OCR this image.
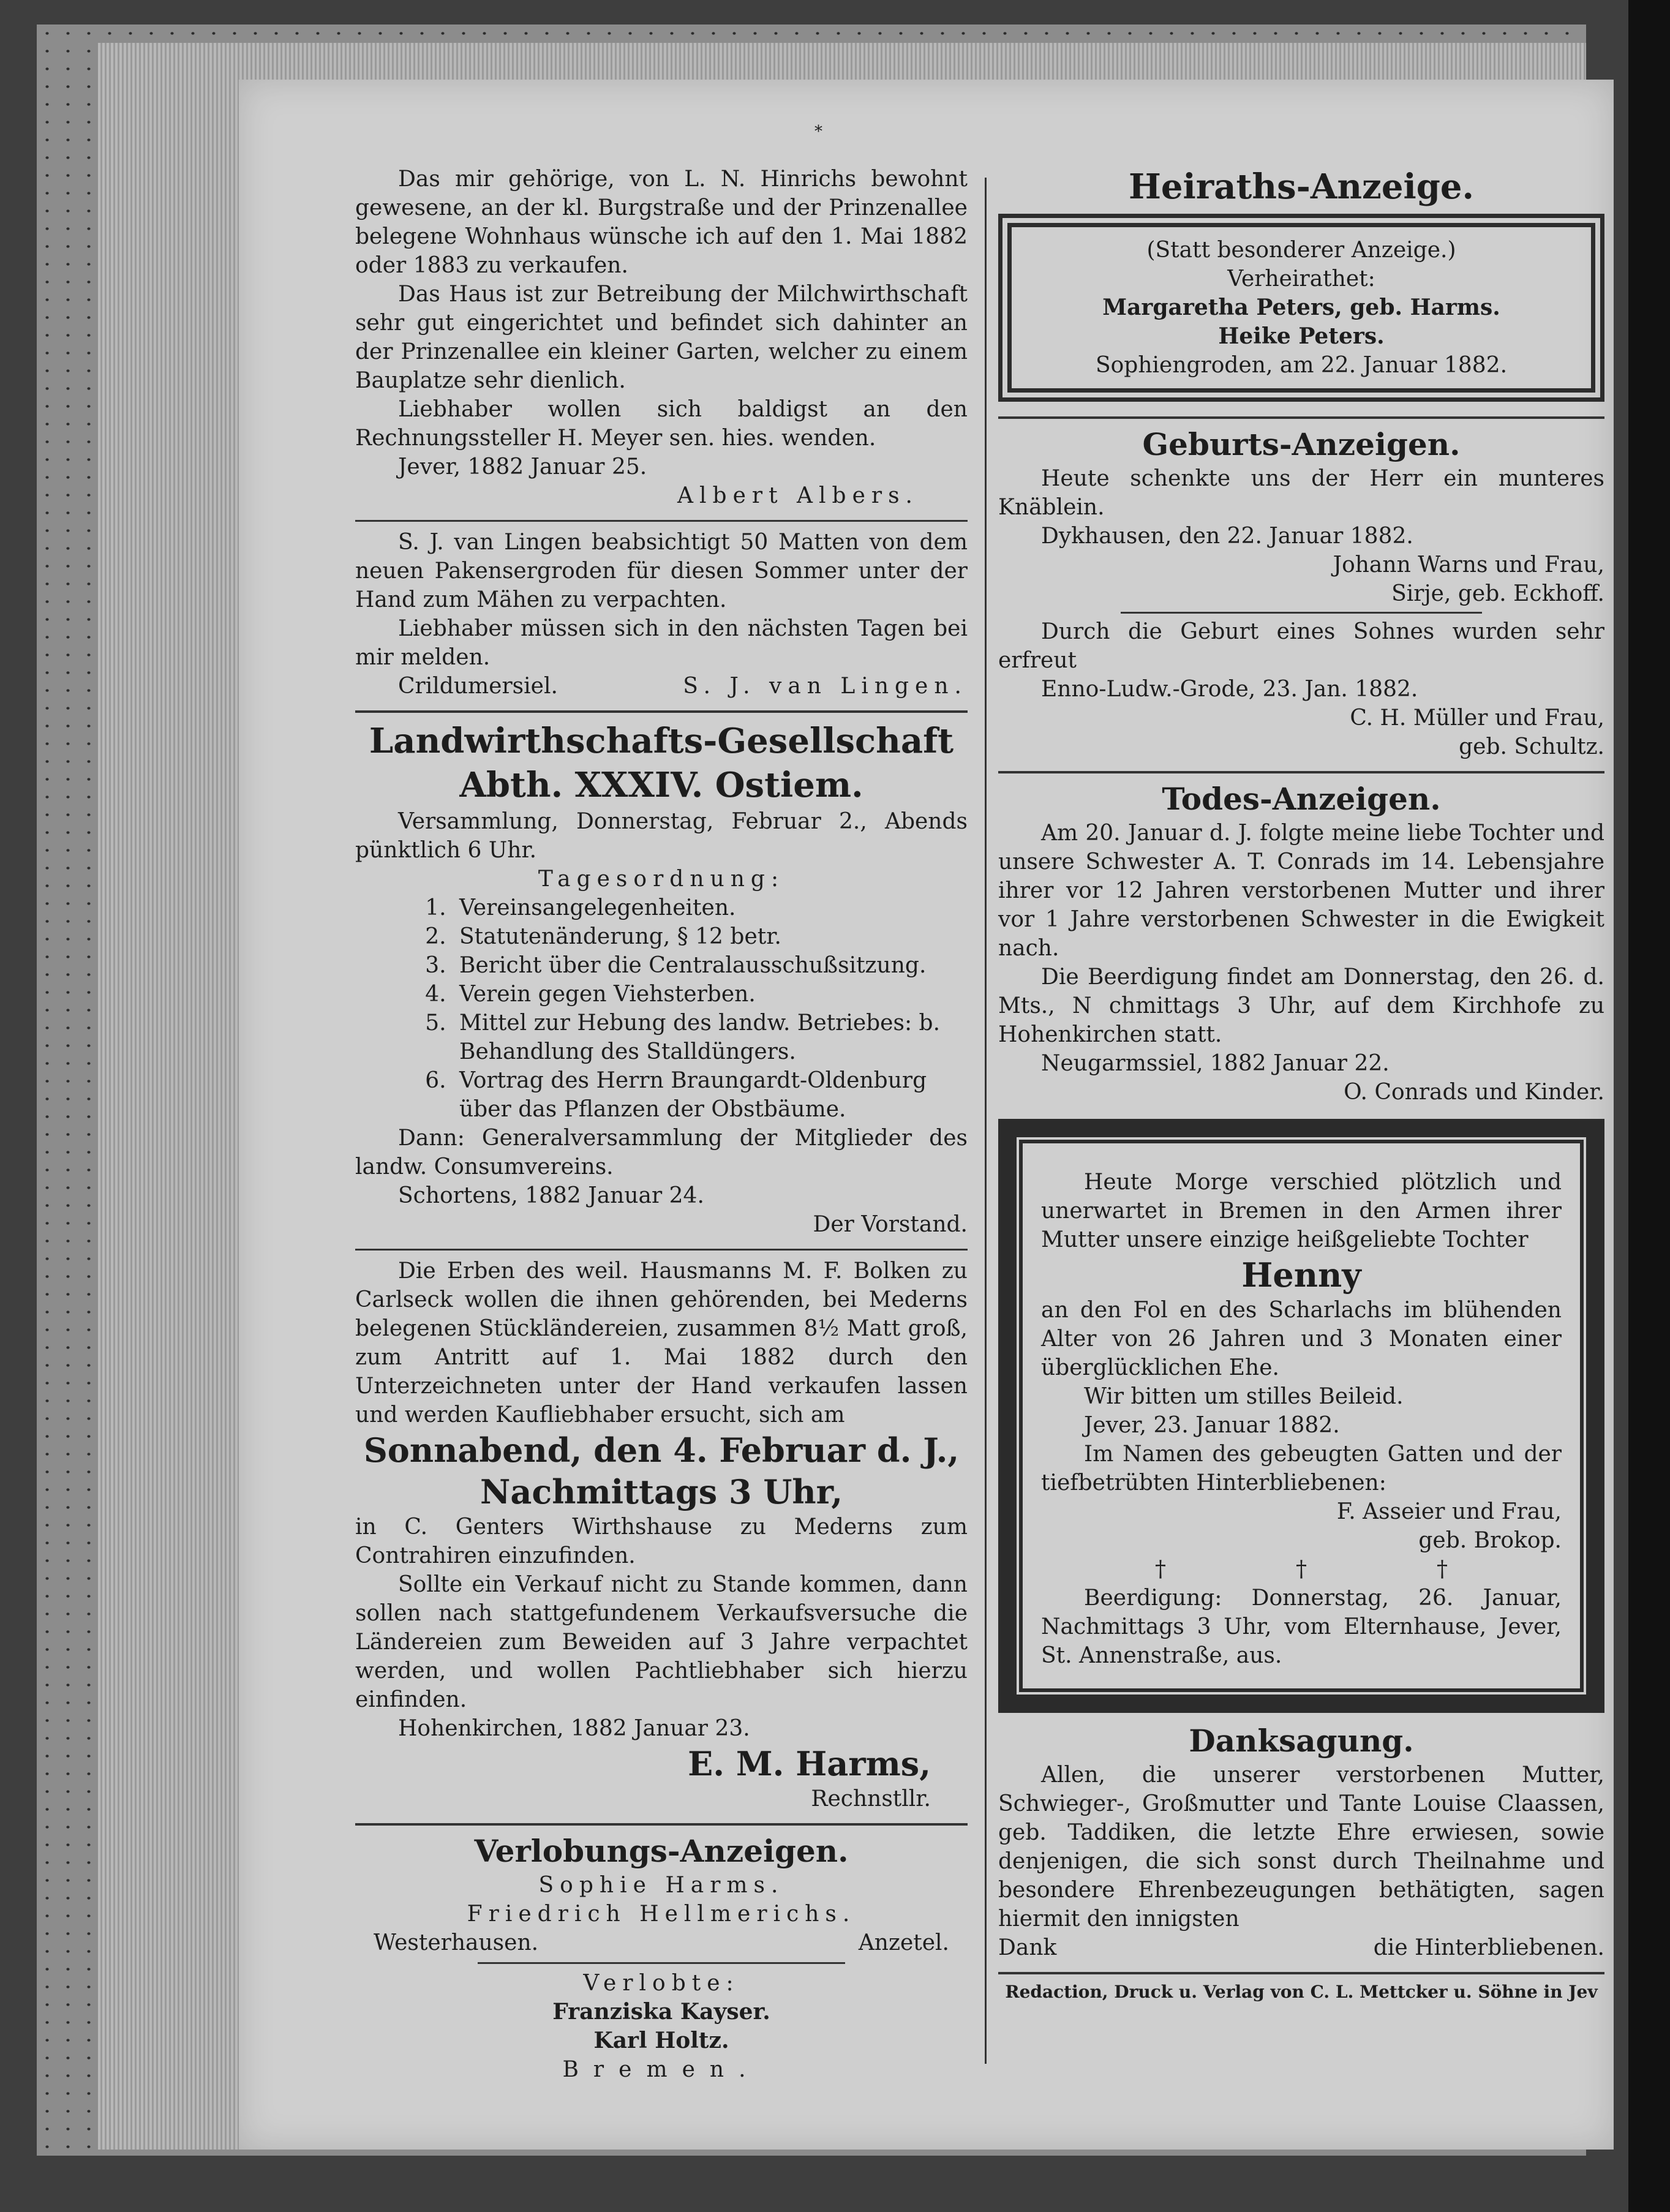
*

Das mir gehörige, von L. N. Hinrichs bewohnt gewesene, an der kl. Burgstraße und der Prinzenallee belegene Wohnhaus wünsche ich auf den 1. Mai 1882 oder 1883 zu verkaufen.

Das Haus ist zur Betreibung der Milchwirthschaft sehr gut eingerichtet und befindet sich dahinter an der Prinzenallee ein kleiner Garten, welcher zu einem Bauplatze sehr dienlich.

Liebhaber wollen sich baldigst an den Rechnungssteller H. Meyer sen. hies. wenden.

Jever, 1882 Januar 25.

Albert Albers.

S. J. van Lingen beabsichtigt 50 Matten von dem neuen Pakensergroden für diesen Sommer unter der Hand zum Mähen zu verpachten.

Liebhaber müssen sich in den nächsten Tagen bei mir melden.

Crildumersiel.	S. J. van Lingen.
Landwirthschafts-Gesellschaft
Abth. XXXIV. Ostiem.

Versammlung, Donnerstag, Februar 2., Abends pünktlich 6 Uhr.

Tagesordnung:

1. Vereinsangelegenheiten.
2. Statutenänderung, § 12 betr.
3. Bericht über die Centralausschußsitzung.
4. Verein gegen Viehsterben.
5. Mittel zur Hebung des landw. Betriebes: b. Behandlung des Stalldüngers.
6. Vortrag des Herrn Braungardt-Oldenburg über das Pflanzen der Obstbäume.

Dann: Generalversammlung der Mitglieder des landw. Consumvereins.

Schortens, 1882 Januar 24.

Der Vorstand.

Die Erben des weil. Hausmanns M. F. Bolken zu Carlseck wollen die ihnen gehörenden, bei Mederns belegenen Stückländereien, zusammen 8½ Matt groß, zum Antritt auf 1. Mai 1882 durch den Unterzeichneten unter der Hand verkaufen lassen und werden Kaufliebhaber ersucht, sich am

Sonnabend, den 4. Februar d. J.,

Nachmittags 3 Uhr,

in C. Genters Wirthshause zu Mederns zum Contrahiren einzufinden.

Sollte ein Verkauf nicht zu Stande kommen, dann sollen nach stattgefundenem Verkaufsversuche die Ländereien zum Beweiden auf 3 Jahre verpachtet werden, und wollen Pachtliebhaber sich hierzu einfinden.

Hohenkirchen, 1882 Januar 23.

E. M. Harms,

Rechnstllr.

Verlobungs-Anzeigen.

Sophie Harms.

Friedrich Hellmerichs.

Westerhausen.	Anzetel.

Verlobte:

Franziska Kayser.

Karl Holtz.

Bremen.

Heiraths-Anzeige.

(Statt besonderer Anzeige.)

Verheirathet:

Margaretha Peters, geb. Harms.

Heike Peters.

Sophiengroden, am 22. Januar 1882.

Geburts-Anzeigen.

Heute schenkte uns der Herr ein munteres Knäblein.

Dykhausen, den 22. Januar 1882.

Johann Warns und Frau,

Sirje, geb. Eckhoff.

Durch die Geburt eines Sohnes wurden sehr erfreut

Enno-Ludw.-Grode, 23. Jan. 1882.

C. H. Müller und Frau,

geb. Schultz.

Todes-Anzeigen.

Am 20. Januar d. J. folgte meine liebe Tochter und unsere Schwester A. T. Conrads im 14. Lebensjahre ihrer vor 12 Jahren verstorbenen Mutter und ihrer vor 1 Jahre verstorbenen Schwester in die Ewigkeit nach.

Die Beerdigung findet am Donnerstag, den 26. d. Mts., N chmittags 3 Uhr, auf dem Kirchhofe zu Hohenkirchen statt.

Neugarmssiel, 1882 Januar 22.

O. Conrads und Kinder.

Heute Morge verschied plötzlich und unerwartet in Bremen in den Armen ihrer Mutter unsere einzige heißgeliebte Tochter

Henny

an den Fol en des Scharlachs im blühenden Alter von 26 Jahren und 3 Monaten einer überglücklichen Ehe.

Wir bitten um stilles Beileid.

Jever, 23. Januar 1882.

Im Namen des gebeugten Gatten und der tiefbetrübten Hinterbliebenen:

F. Asseier und Frau,

geb. Brokop.

†	†	†

Beerdigung: Donnerstag, 26. Januar, Nachmittags 3 Uhr, vom Elternhause, Jever, St. Annenstraße, aus.

Danksagung.

Allen, die unserer verstorbenen Mutter, Schwieger-, Großmutter und Tante Louise Claassen, geb. Taddiken, die letzte Ehre erwiesen, sowie denjenigen, die sich sonst durch Theilnahme und besondere Ehrenbezeugungen bethätigten, sagen hiermit den innigsten

Dank	die Hinterbliebenen.
Redaction, Druck u. Verlag von C. L. Mettcker u. Söhne in Jev
